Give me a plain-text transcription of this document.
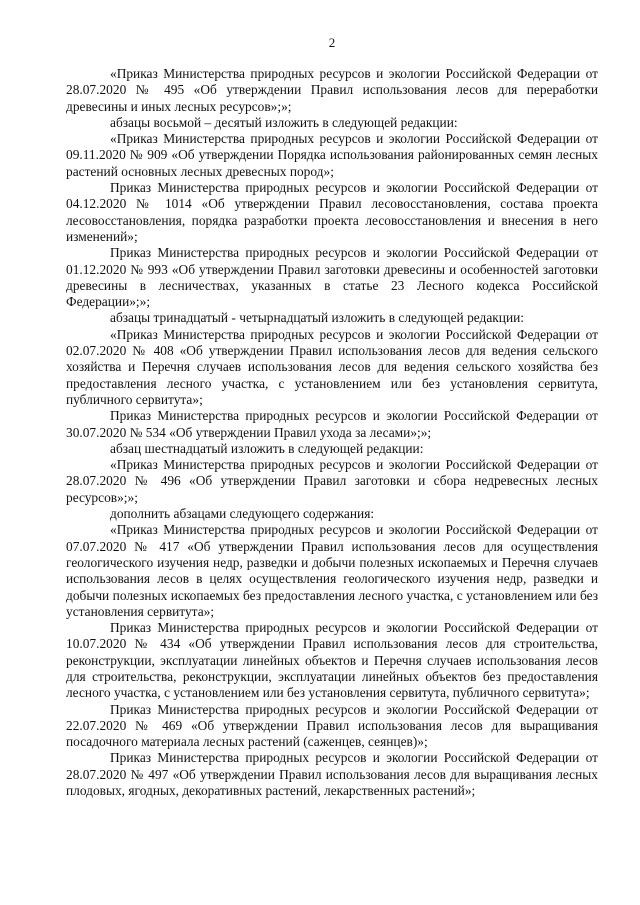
2

«Приказ Министерства природных ресурсов и экологии Российской Федерации от 28.07.2020 № 495 «Об утверждении Правил использования лесов для переработки древесины и иных лесных ресурсов»;»;

абзацы восьмой – десятый изложить в следующей редакции:

«Приказ Министерства природных ресурсов и экологии Российской Федерации от 09.11.2020 № 909 «Об утверждении Порядка использования районированных семян лесных растений основных лесных древесных пород»;

Приказ Министерства природных ресурсов и экологии Российской Федерации от 04.12.2020 № 1014 «Об утверждении Правил лесовосстановления, состава проекта лесовосстановления, порядка разработки проекта лесовосстановления и внесения в него изменений»;

Приказ Министерства природных ресурсов и экологии Российской Федерации от 01.12.2020 № 993 «Об утверждении Правил заготовки древесины и особенностей заготовки древесины в лесничествах, указанных в статье 23 Лесного кодекса Российской Федерации»;»;

абзацы тринадцатый - четырнадцатый изложить в следующей редакции:

«Приказ Министерства природных ресурсов и экологии Российской Федерации от 02.07.2020 № 408 «Об утверждении Правил использования лесов для ведения сельского хозяйства и Перечня случаев использования лесов для ведения сельского хозяйства без предоставления лесного участка, с установлением или без установления сервитута, публичного сервитута»;

Приказ Министерства природных ресурсов и экологии Российской Федерации от 30.07.2020 № 534 «Об утверждении Правил ухода за лесами»;»;

абзац шестнадцатый изложить в следующей редакции:

«Приказ Министерства природных ресурсов и экологии Российской Федерации от 28.07.2020 № 496 «Об утверждении Правил заготовки и сбора недревесных лесных ресурсов»;»;

дополнить абзацами следующего содержания:

«Приказ Министерства природных ресурсов и экологии Российской Федерации от 07.07.2020 № 417 «Об утверждении Правил использования лесов для осуществления геологического изучения недр, разведки и добычи полезных ископаемых и Перечня случаев использования лесов в целях осуществления геологического изучения недр, разведки и добычи полезных ископаемых без предоставления лесного участка, с установлением или без установления сервитута»;

Приказ Министерства природных ресурсов и экологии Российской Федерации от 10.07.2020 № 434 «Об утверждении Правил использования лесов для строительства, реконструкции, эксплуатации линейных объектов и Перечня случаев использования лесов для строительства, реконструкции, эксплуатации линейных объектов без предоставления лесного участка, с установлением или без установления сервитута, публичного сервитута»;

Приказ Министерства природных ресурсов и экологии Российской Федерации от 22.07.2020 № 469 «Об утверждении Правил использования лесов для выращивания посадочного материала лесных растений (саженцев, сеянцев)»;

Приказ Министерства природных ресурсов и экологии Российской Федерации от 28.07.2020 № 497 «Об утверждении Правил использования лесов для выращивания лесных плодовых, ягодных, декоративных растений, лекарственных растений»;
